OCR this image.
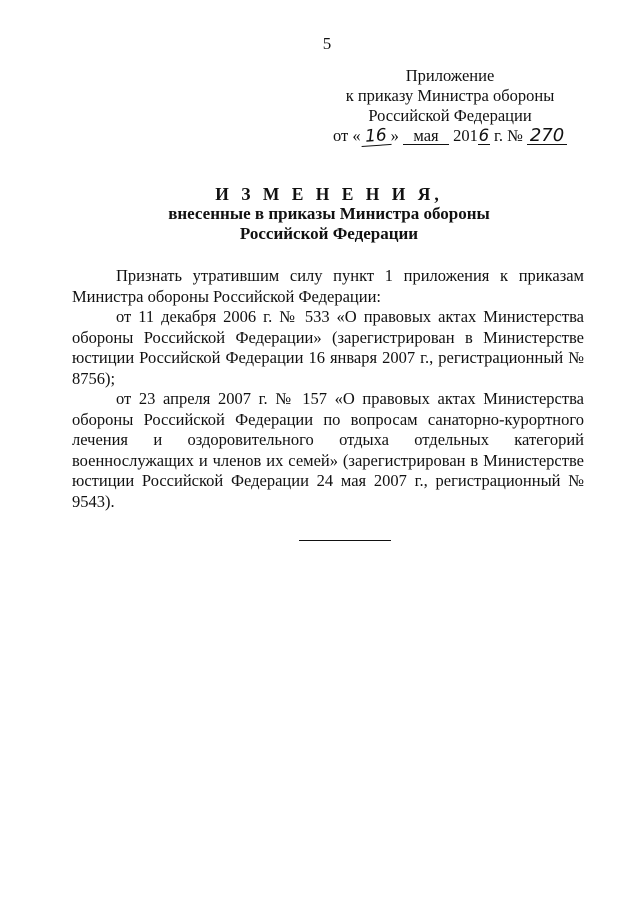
5
Приложение
к приказу Министра обороны
Российской Федерации
от « 16 » мая 2016 г. № 270
И З М Е Н Е Н И Я,
внесенные в приказы Министра обороны
Российской Федерации

Признать утратившим силу пункт 1 приложения к приказам Министра обороны Российской Федерации:

от 11 декабря 2006 г. № 533 «О правовых актах Министерства обороны Российской Федерации» (зарегистрирован в Министерстве юстиции Российской Федерации 16 января 2007 г., регистрационный № 8756);

от 23 апреля 2007 г. № 157 «О правовых актах Министерства обороны Российской Федерации по вопросам санаторно-курортного лечения и оздоровительного отдыха отдельных категорий военнослужащих и членов их семей» (зарегистрирован в Министерстве юстиции Российской Федерации 24 мая 2007 г., регистрационный № 9543).
